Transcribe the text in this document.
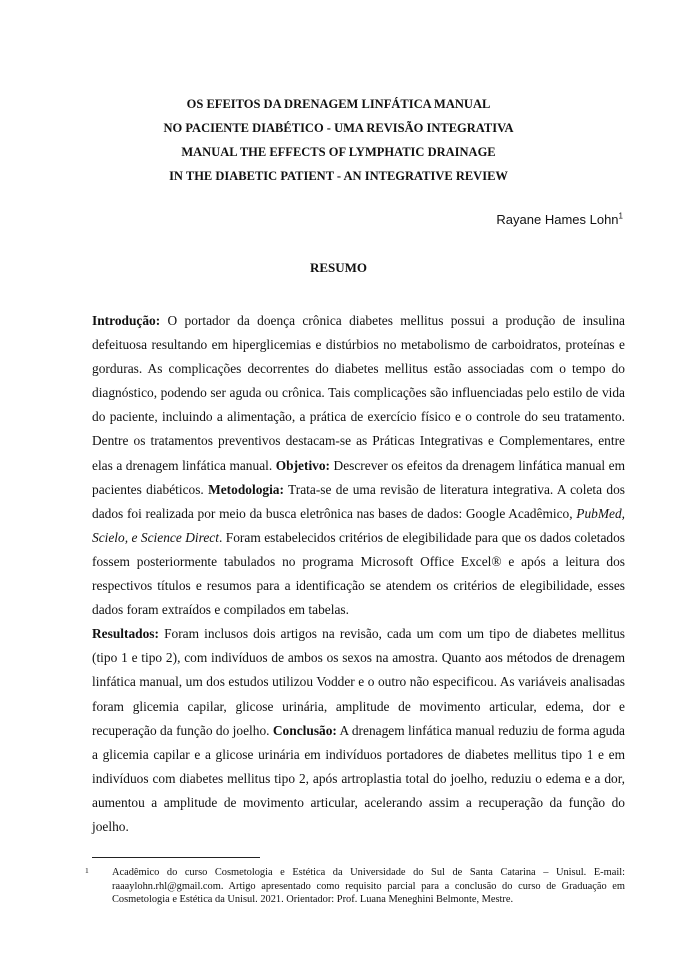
OS EFEITOS DA DRENAGEM LINFÁTICA MANUAL
NO PACIENTE DIABÉTICO - UMA REVISÃO INTEGRATIVA
MANUAL THE EFFECTS OF LYMPHATIC DRAINAGE
IN THE DIABETIC PATIENT - AN INTEGRATIVE REVIEW
Rayane Hames Lohn$^1$
RESUMO

Introdução: O portador da doença crônica diabetes mellitus possui a produção de insulina defeituosa resultando em hiperglicemias e distúrbios no metabolismo de carboidratos, proteínas e gorduras. As complicações decorrentes do diabetes mellitus estão associadas com o tempo do diagnóstico, podendo ser aguda ou crônica. Tais complicações são influenciadas pelo estilo de vida do paciente, incluindo a alimentação, a prática de exercício físico e o controle do seu tratamento. Dentre os tratamentos preventivos destacam-se as Práticas Integrativas e Complementares, entre elas a drenagem linfática manual. Objetivo: Descrever os efeitos da drenagem linfática manual em pacientes diabéticos. Metodologia: Trata-se de uma revisão de literatura integrativa. A coleta dos dados foi realizada por meio da busca eletrônica nas bases de dados: Google Acadêmico, PubMed, Scielo, e Science Direct. Foram estabelecidos critérios de elegibilidade para que os dados coletados fossem posteriormente tabulados no programa Microsoft Office Excel® e após a leitura dos respectivos títulos e resumos para a identificação se atendem os critérios de elegibilidade, esses dados foram extraídos e compilados em tabelas.
Resultados: Foram inclusos dois artigos na revisão, cada um com um tipo de diabetes mellitus (tipo 1 e tipo 2), com indivíduos de ambos os sexos na amostra. Quanto aos métodos de drenagem linfática manual, um dos estudos utilizou Vodder e o outro não especificou. As variáveis analisadas foram glicemia capilar, glicose urinária, amplitude de movimento articular, edema, dor e recuperação da função do joelho. Conclusão: A drenagem linfática manual reduziu de forma aguda a glicemia capilar e a glicose urinária em indivíduos portadores de diabetes mellitus tipo 1 e em indivíduos com diabetes mellitus tipo 2, após artroplastia total do joelho, reduziu o edema e a dor, aumentou a amplitude de movimento articular, acelerando assim a recuperação da função do joelho.

1	Acadêmico do curso Cosmetologia e Estética da Universidade do Sul de Santa Catarina – Unisul. E-mail: raaaylohn.rhl@gmail.com. Artigo apresentado como requisito parcial para a conclusão do curso de Graduação em Cosmetologia e Estética da Unisul. 2021. Orientador: Prof. Luana Meneghini Belmonte, Mestre.
